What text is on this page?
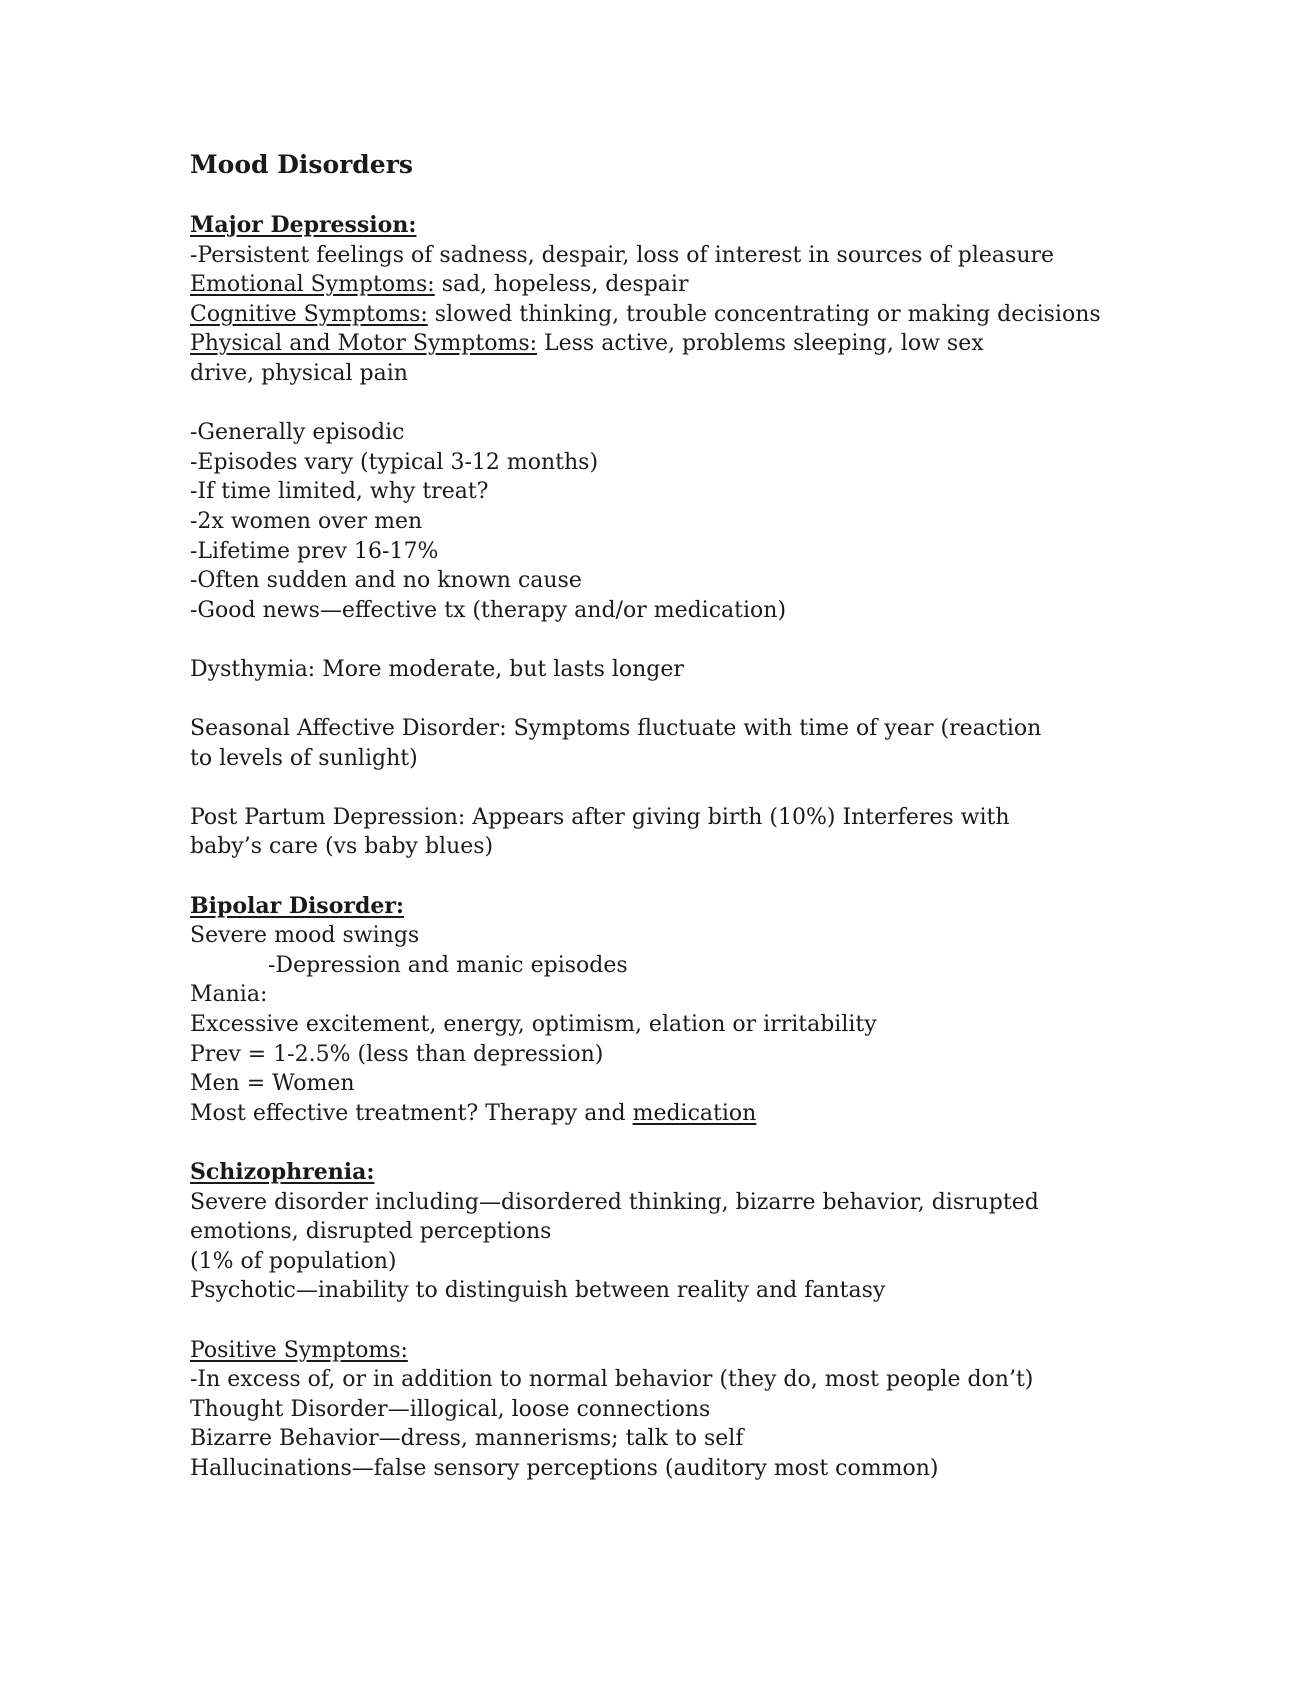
Mood Disorders
Major Depression:
-Persistent feelings of sadness, despair, loss of interest in sources of pleasure
Emotional Symptoms: sad, hopeless, despair
Cognitive Symptoms: slowed thinking, trouble concentrating or making decisions
Physical and Motor Symptoms: Less active, problems sleeping, low sex drive, physical pain
-Generally episodic
-Episodes vary (typical 3-12 months)
-If time limited, why treat?
-2x women over men
-Lifetime prev 16-17%
-Often sudden and no known cause
-Good news—effective tx (therapy and/or medication)
Dysthymia: More moderate, but lasts longer
Seasonal Affective Disorder: Symptoms fluctuate with time of year (reaction to levels of sunlight)
Post Partum Depression: Appears after giving birth (10%) Interferes with baby’s care (vs baby blues)
Bipolar Disorder:
Severe mood swings
-Depression and manic episodes
Mania:
Excessive excitement, energy, optimism, elation or irritability
Prev = 1-2.5% (less than depression)
Men = Women
Most effective treatment? Therapy and medication
Schizophrenia:
Severe disorder including—disordered thinking, bizarre behavior, disrupted emotions, disrupted perceptions
(1% of population)
Psychotic—inability to distinguish between reality and fantasy
Positive Symptoms:
-In excess of, or in addition to normal behavior (they do, most people don’t)
Thought Disorder—illogical, loose connections
Bizarre Behavior—dress, mannerisms; talk to self
Hallucinations—false sensory perceptions (auditory most common)
